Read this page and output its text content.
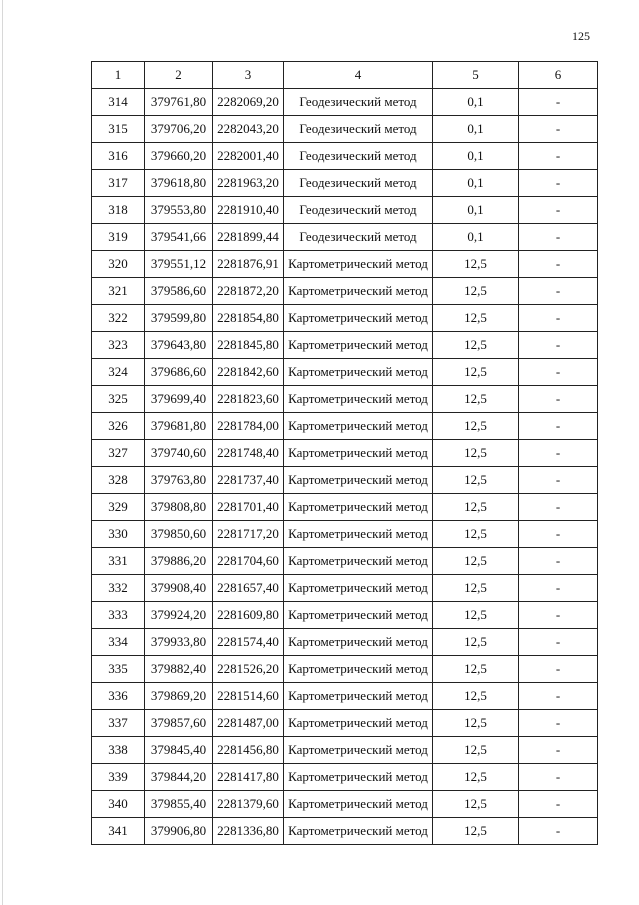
125
1	2	3	4	5	6
314	379761,80	2282069,20	Геодезический метод	0,1	-
315	379706,20	2282043,20	Геодезический метод	0,1	-
316	379660,20	2282001,40	Геодезический метод	0,1	-
317	379618,80	2281963,20	Геодезический метод	0,1	-
318	379553,80	2281910,40	Геодезический метод	0,1	-
319	379541,66	2281899,44	Геодезический метод	0,1	-
320	379551,12	2281876,91	Картометрический метод	12,5	-
321	379586,60	2281872,20	Картометрический метод	12,5	-
322	379599,80	2281854,80	Картометрический метод	12,5	-
323	379643,80	2281845,80	Картометрический метод	12,5	-
324	379686,60	2281842,60	Картометрический метод	12,5	-
325	379699,40	2281823,60	Картометрический метод	12,5	-
326	379681,80	2281784,00	Картометрический метод	12,5	-
327	379740,60	2281748,40	Картометрический метод	12,5	-
328	379763,80	2281737,40	Картометрический метод	12,5	-
329	379808,80	2281701,40	Картометрический метод	12,5	-
330	379850,60	2281717,20	Картометрический метод	12,5	-
331	379886,20	2281704,60	Картометрический метод	12,5	-
332	379908,40	2281657,40	Картометрический метод	12,5	-
333	379924,20	2281609,80	Картометрический метод	12,5	-
334	379933,80	2281574,40	Картометрический метод	12,5	-
335	379882,40	2281526,20	Картометрический метод	12,5	-
336	379869,20	2281514,60	Картометрический метод	12,5	-
337	379857,60	2281487,00	Картометрический метод	12,5	-
338	379845,40	2281456,80	Картометрический метод	12,5	-
339	379844,20	2281417,80	Картометрический метод	12,5	-
340	379855,40	2281379,60	Картометрический метод	12,5	-
341	379906,80	2281336,80	Картометрический метод	12,5	-
